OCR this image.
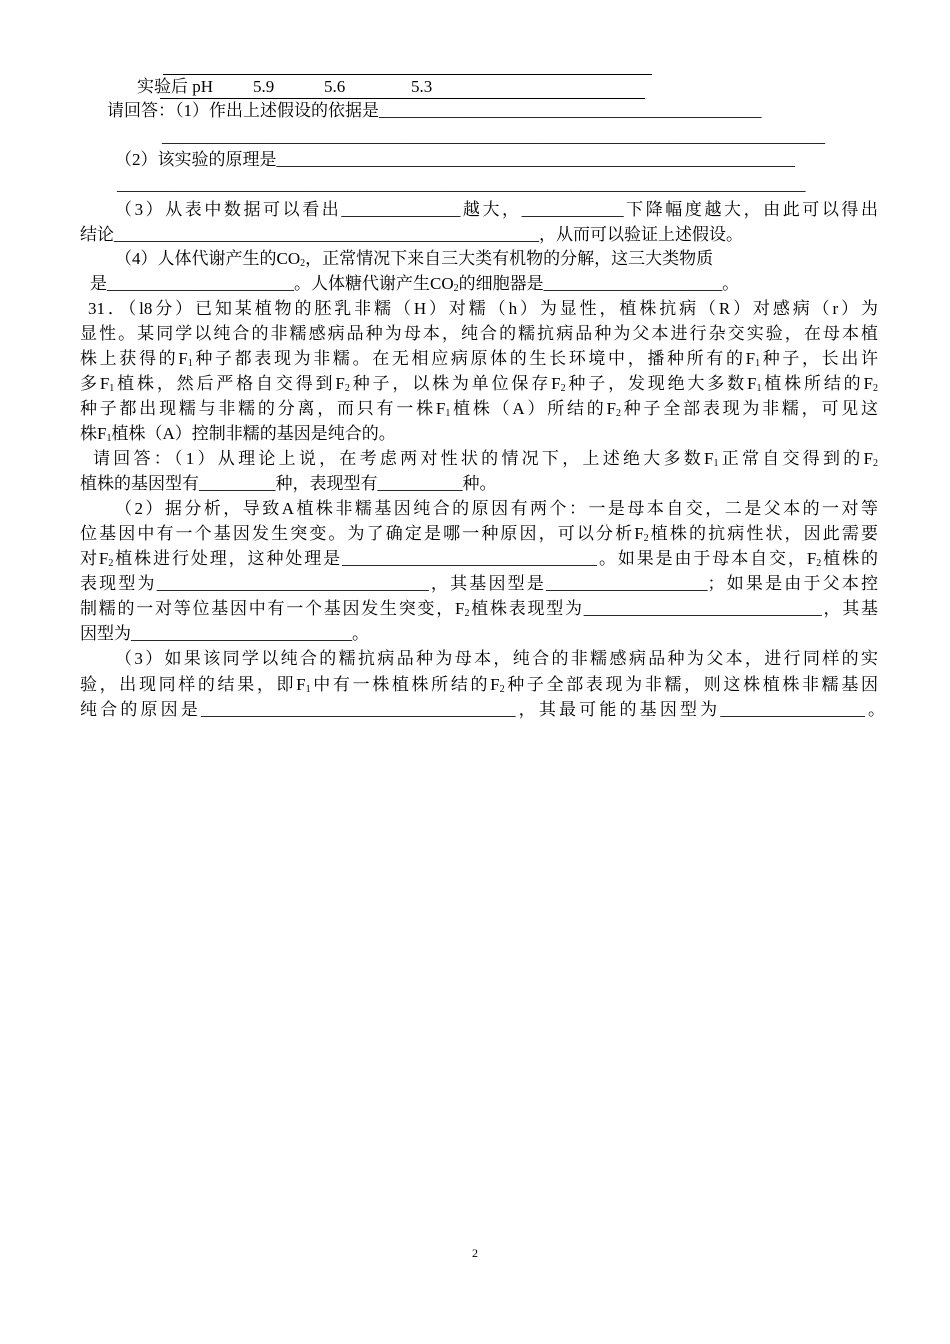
实验后 pH 5.9	5.6	5.3
请回答：（1）作出上述假设的依据是_____________________________________________
______________________________________________________________________________
（2）该实验的原理是_____________________________________________________________
_________________________________________________________________________________
（3）从表中数据可以看出______________越大，____________下降幅度越大，由此可以得出
结论__________________________________________________，从而可以验证上述假设。
（4）人体代谢产生的$CO_2$，正常情况下来自三大类有机物的分解，这三大类物质
是______________________。人体糖代谢产生$CO_2$的细胞器是_____________________。
31．（l8分）已知某植物的胚乳非糯（H）对糯（h）为显性，植株抗病（R）对感病（r）为
显性。某同学以纯合的非糯感病品种为母本，纯合的糯抗病品种为父本进行杂交实验，在母本植
株上获得的$F_1$种子都表现为非糯。在无相应病原体的生长环境中，播种所有的$F_1$种子，长出许
多$F_1$植株，然后严格自交得到$F_2$种子，以株为单位保存$F_2$种子，发现绝大多数$F_1$植株所结的$F_2$
种子都出现糯与非糯的分离，而只有一株$F_1$植株（A）所结的$F_2$种子全部表现为非糯，可见这
株$F_1$植株（A）控制非糯的基因是纯合的。
请回答：（1）从理论上说，在考虑两对性状的情况下，上述绝大多数$F_1$正常自交得到的$F_2$
植株的基因型有_________种，表现型有__________种。
（2）据分析，导致A植株非糯基因纯合的原因有两个：一是母本自交，二是父本的一对等
位基因中有一个基因发生突变。为了确定是哪一种原因，可以分析$F_2$植株的抗病性状，因此需要
对$F_2$植株进行处理，这种处理是______________________________。如果是由于母本自交，$F_2$植株的
表现型为________________________________，其基因型是___________________；如果是由于父本控
制糯的一对等位基因中有一个基因发生突变，$F_2$植株表现型为____________________________，其基
因型为__________________________。
（3）如果该同学以纯合的糯抗病品种为母本，纯合的非糯感病品种为父本，进行同样的实
验，出现同样的结果，即$F_1$中有一株植株所结的$F_2$种子全部表现为非糯，则这株植株非糯基因
纯合的原因是_____________________________________，其最可能的基因型为_________________。
2
